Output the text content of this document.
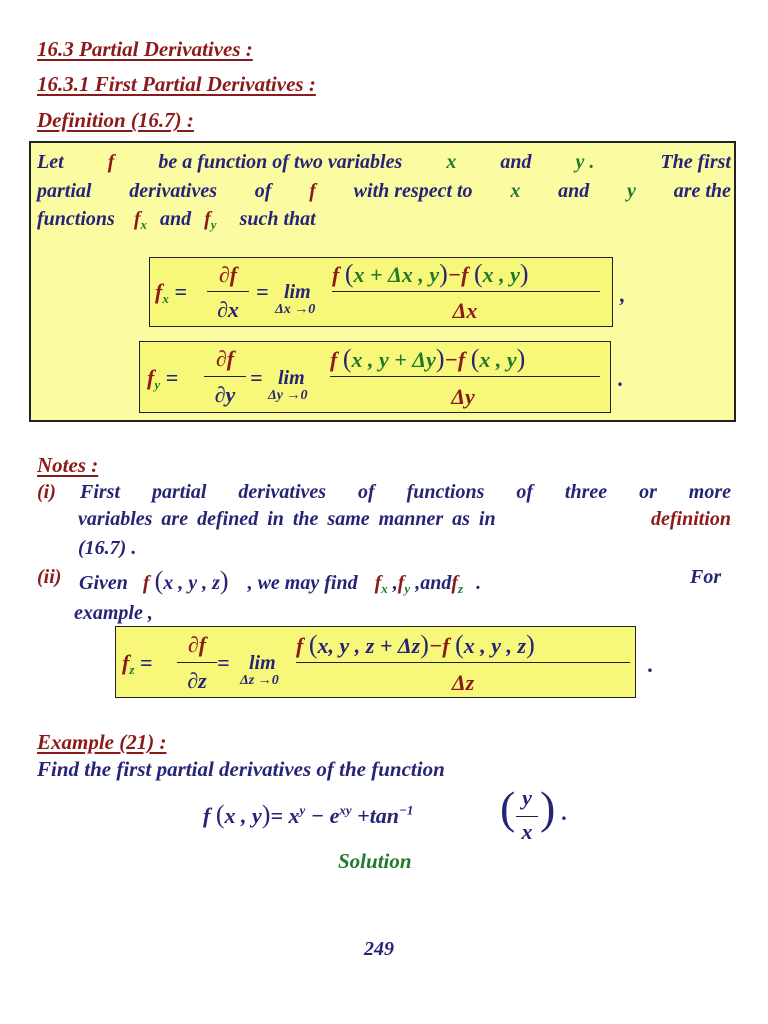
16.3 Partial Derivatives :
16.3.1 First Partial Derivatives :
Definition (16.7) :
Let f be a function of two variables x and y .	The first
partial derivatives of f with respect to x and y are the
functions $f_x$ and $f_y$ such that
$f_x$ =
∂f
∂x
= lim
Δx →0
f (x + Δx , y)−f (x , y)
Δx
,
$f_y$ =
∂f
∂y
= lim
Δy →0
f (x , y + Δy)−f (x , y)
Δy
.
Notes :
(i) First partial derivatives of functions of three or more
variables are defined in the same manner as in	definition
(16.7) .
(ii) Given f (x , y , z) , we may find $f_x$ $,f_y$ ,andf$_z$ .	For
example ,
$f_z$ =
∂f
∂z
= lim
Δz →0
f (x, y , z + Δz)−f (x , y , z)
Δz
.
Example (21) :
Find the first partial derivatives of the function
f (x , $y)= x^y - e^{xy} +\tan^{-1}$ ( y
x ) .
Solution
249
